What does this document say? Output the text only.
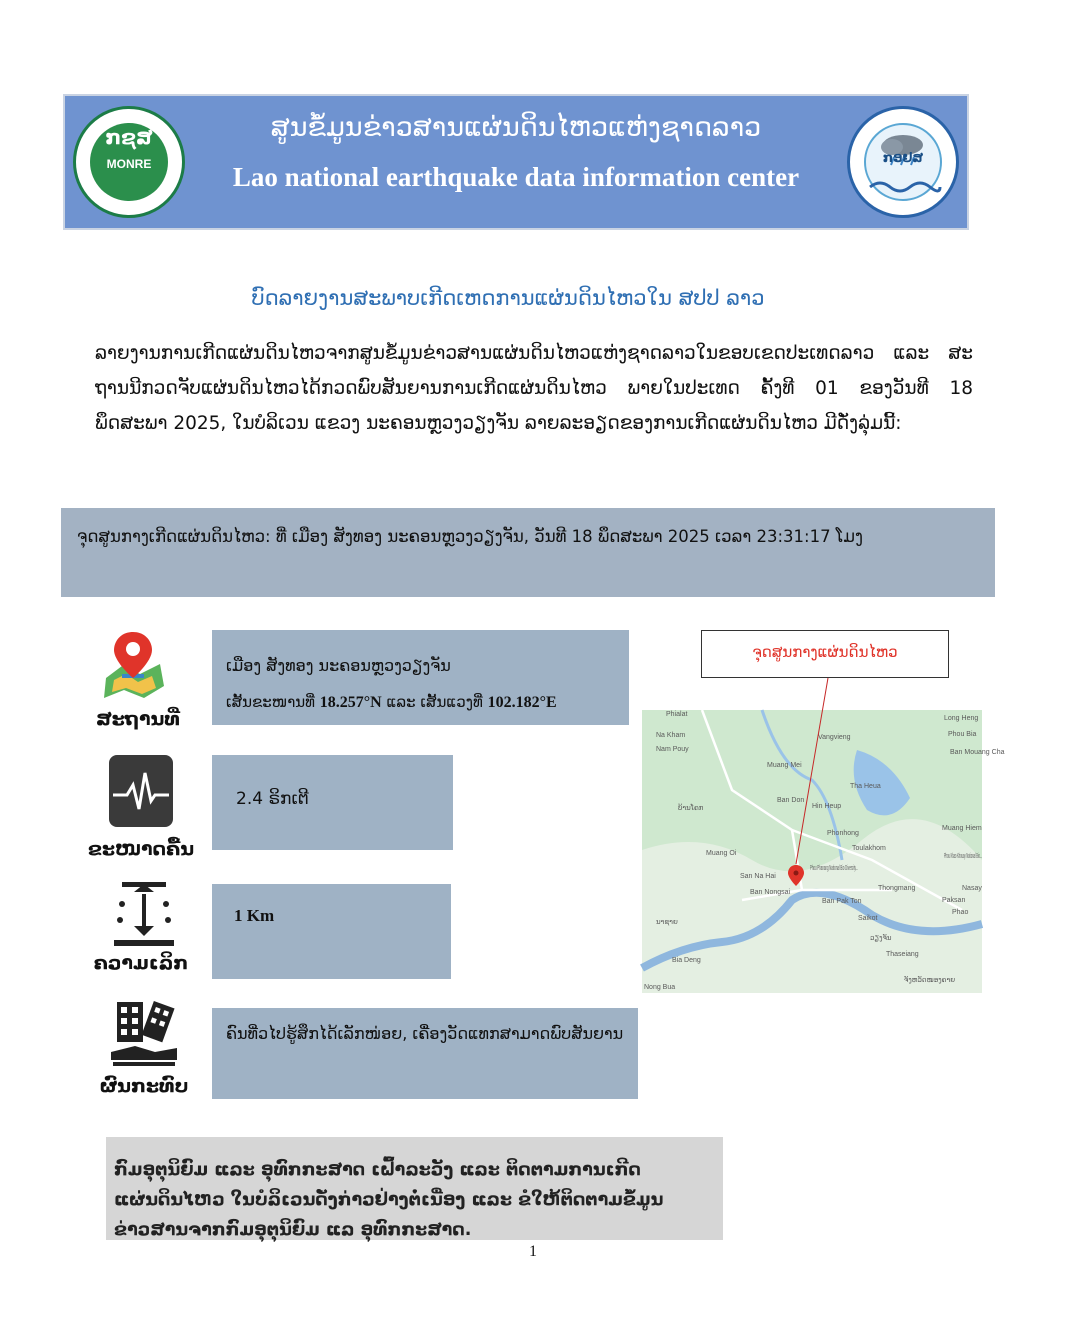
ກຊສ
MONRE
ສູນຂໍ້ມູນຂ່າວສານແຜ່ນດິນໄຫວແຫ່ງຊາດລາວ
Lao national earthquake data information center
ກອຢສ
ບົດລາຍງານສະພາບເກີດເຫດການແຜ່ນດິນໄຫວໃນ ສປປ ລາວ
ລາຍງານການເກີດແຜ່ນດິນໄຫວຈາກສູນຂໍ້ມູນຂ່າວສານແຜ່ນດິນໄຫວແຫ່ງຊາດລາວໃນຂອບເຂດປະເທດລາວ ແລະ ສະຖານນີກວດຈັບແຜ່ນດິນໄຫວໄດ້ກວດພົບສັນຍານການເກີດແຜ່ນດິນໄຫວ ພາຍໃນປະເທດ ຄັ້ງທີ 01 ຂອງວັນທີ 18 ພຶດສະພາ 2025, ໃນບໍລິເວນ ແຂວງ ນະຄອນຫຼວງວຽງຈັນ ລາຍລະອຽດຂອງການເກີດແຜ່ນດິນໄຫວ ມີດັ່ງລຸ່ມນີ້:
ຈຸດສູນກາງເກີດແຜ່ນດິນໄຫວ: ທີ່ ເມືອງ ສັງທອງ ນະຄອນຫຼວງວຽງຈັນ, ວັນທີ 18 ພຶດສະພາ 2025 ເວລາ 23:31:17 ໂມງ
ສະຖານທີ່
ເມືອງ ສັງທອງ ນະຄອນຫຼວງວຽງຈັນ
ເສັ້ນຂະໜານທີ່ 18.257°N ແລະ ເສັ້ນແວງທີ່ 102.182°E
ຂະໜາດຄື້ນ
2.4 ຣິກເຕີ
ຄວາມເລິກ
1 Km
ຜົນກະທົບ
ຄົນທີ່ວໄປຮູ້ສຶກໄດ້ເລັກໜ່ອຍ, ເຄື່ອງວັດແທກສາມາດພົບສັນຍານ
ຈຸດສູນກາງແຜ່ນດິນໄຫວ
Phialat
Na Kham
Nam Pouy
Vangvieng
Muang Mei
Tha Heua
Phou Bia
Ban Mouang Cha
Ban Don
Hin Heup
Muang Hiem
Phonhong
Muang Oi
Toulakhom
Phou Khao Khouay National Bio...
San Na Hai
Ban Nongsai
Phou Phanang National Bio Diversity...
Thongmang
Ban Pak Ton	Paksan
Saikot
ວຽງຈັນ
Thaseiang
Nong Bua
ຈັງຫວັດໜອງຄາຍ
Long Heng
Phao
Nasay
Bia Deng
ບ້ານໂຄກ
ນາຊາຍ
ກົມອຸຕຸນິຍົມ ແລະ ອຸທົກກະສາດ ເຝົ້າລະວັງ ແລະ ຕິດຕາມການເກີດແຜ່ນດິນໄຫວ ໃນບໍລິເວນດັ່ງກ່າວຢ່າງຕໍ່ເນື່ອງ ແລະ ຂໍໃຫ້ຕິດຕາມຂໍ້ມູນຂ່າວສານຈາກກົມອຸຕຸນິຍົມ ແລ ອຸທົກກະສາດ.
1
